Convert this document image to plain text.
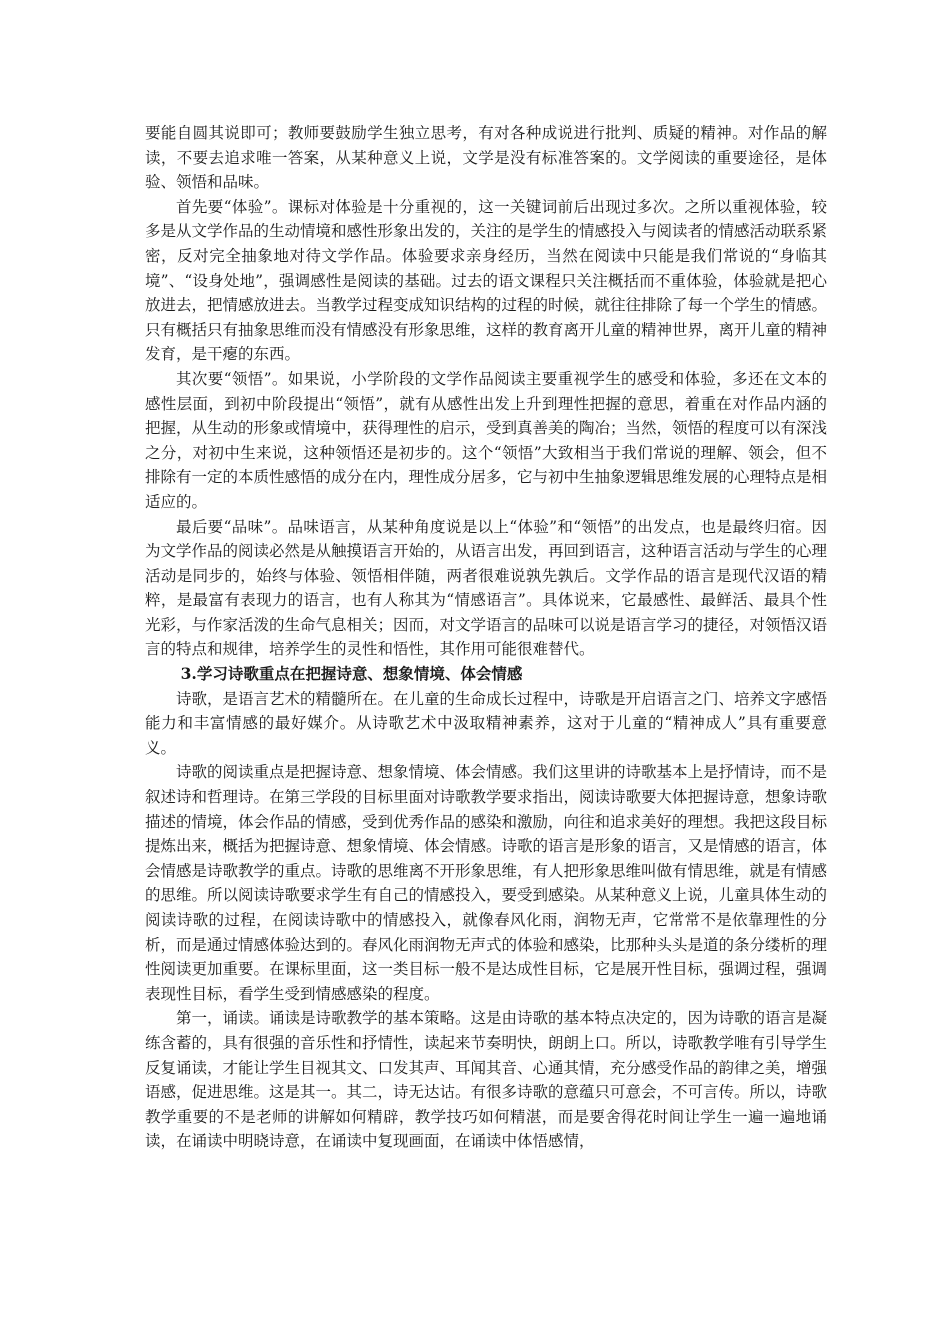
要能自圆其说即可；教师要鼓励学生独立思考，有对各种成说进行批判、质疑的精神。对作品的解读，不要去追求唯一答案，从某种意义上说，文学是没有标准答案的。文学阅读的重要途径，是体验、领悟和品味。

首先要“体验”。课标对体验是十分重视的，这一关键词前后出现过多次。之所以重视体验，较多是从文学作品的生动情境和感性形象出发的，关注的是学生的情感投入与阅读者的情感活动联系紧密，反对完全抽象地对待文学作品。体验要求亲身经历，当然在阅读中只能是我们常说的“身临其境”、“设身处地”，强调感性是阅读的基础。过去的语文课程只关注概括而不重体验，体验就是把心放进去，把情感放进去。当教学过程变成知识结构的过程的时候，就往往排除了每一个学生的情感。只有概括只有抽象思维而没有情感没有形象思维，这样的教育离开儿童的精神世界，离开儿童的精神发育，是干瘪的东西。

其次要“领悟”。如果说，小学阶段的文学作品阅读主要重视学生的感受和体验，多还在文本的感性层面，到初中阶段提出“领悟”，就有从感性出发上升到理性把握的意思，着重在对作品内涵的把握，从生动的形象或情境中，获得理性的启示，受到真善美的陶冶；当然，领悟的程度可以有深浅之分，对初中生来说，这种领悟还是初步的。这个“领悟”大致相当于我们常说的理解、领会，但不排除有一定的本质性感悟的成分在内，理性成分居多，它与初中生抽象逻辑思维发展的心理特点是相适应的。

最后要“品味”。品味语言，从某种角度说是以上“体验”和“领悟”的出发点，也是最终归宿。因为文学作品的阅读必然是从触摸语言开始的，从语言出发，再回到语言，这种语言活动与学生的心理活动是同步的，始终与体验、领悟相伴随，两者很难说孰先孰后。文学作品的语言是现代汉语的精粹，是最富有表现力的语言，也有人称其为“情感语言”。具体说来，它最感性、最鲜活、最具个性光彩，与作家活泼的生命气息相关；因而，对文学语言的品味可以说是语言学习的捷径，对领悟汉语言的特点和规律，培养学生的灵性和悟性，其作用可能很难替代。

3.学习诗歌重点在把握诗意、想象情境、体会情感

诗歌，是语言艺术的精髓所在。在儿童的生命成长过程中，诗歌是开启语言之门、培养文字感悟能力和丰富情感的最好媒介。从诗歌艺术中汲取精神素养，这对于儿童的“精神成人”具有重要意义。

诗歌的阅读重点是把握诗意、想象情境、体会情感。我们这里讲的诗歌基本上是抒情诗，而不是叙述诗和哲理诗。在第三学段的目标里面对诗歌教学要求指出，阅读诗歌要大体把握诗意，想象诗歌描述的情境，体会作品的情感，受到优秀作品的感染和激励，向往和追求美好的理想。我把这段目标提炼出来，概括为把握诗意、想象情境、体会情感。诗歌的语言是形象的语言，又是情感的语言，体会情感是诗歌教学的重点。诗歌的思维离不开形象思维，有人把形象思维叫做有情思维，就是有情感的思维。所以阅读诗歌要求学生有自己的情感投入，要受到感染。从某种意义上说，儿童具体生动的阅读诗歌的过程，在阅读诗歌中的情感投入，就像春风化雨，润物无声，它常常不是依靠理性的分析，而是通过情感体验达到的。春风化雨润物无声式的体验和感染，比那种头头是道的条分缕析的理性阅读更加重要。在课标里面，这一类目标一般不是达成性目标，它是展开性目标，强调过程，强调表现性目标，看学生受到情感感染的程度。

第一，诵读。诵读是诗歌教学的基本策略。这是由诗歌的基本特点决定的，因为诗歌的语言是凝练含蓄的，具有很强的音乐性和抒情性，读起来节奏明快，朗朗上口。所以，诗歌教学唯有引导学生反复诵读，才能让学生目视其文、口发其声、耳闻其音、心通其情，充分感受作品的韵律之美，增强语感，促进思维。这是其一。其二，诗无达诂。有很多诗歌的意蕴只可意会，不可言传。所以，诗歌教学重要的不是老师的讲解如何精辟，教学技巧如何精湛，而是要舍得花时间让学生一遍一遍地诵读，在诵读中明晓诗意，在诵读中复现画面，在诵读中体悟感情，
